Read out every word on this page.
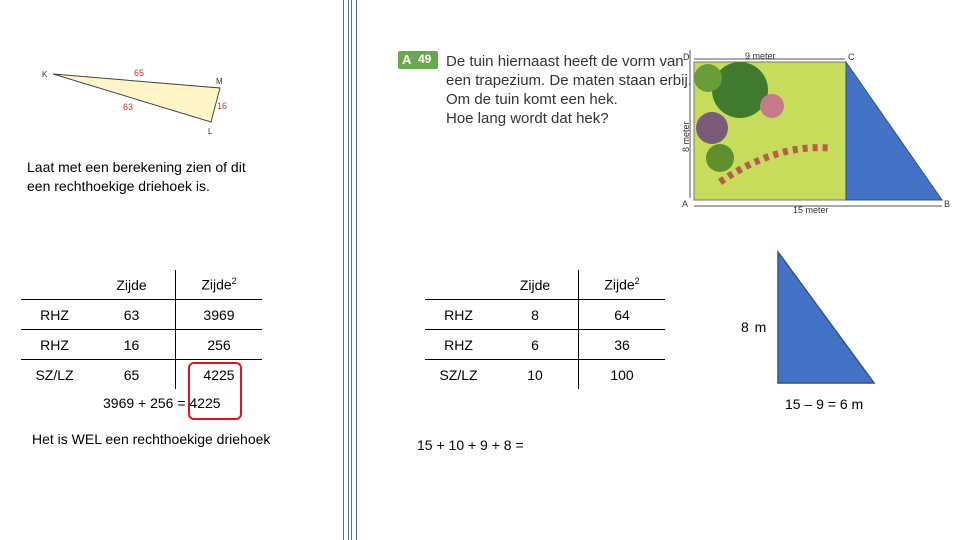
K
M
L
65
63	16
Laat met een berekening zien of dit
een rechthoekige driehoek is.
	Zijde	Zijde$^2$
RHZ	63	3969
RHZ	16	256
SZ/LZ	65	4225
3969 + 256 = 4225
Het is WEL een rechthoekige driehoek
A 49 De tuin hiernaast heeft de vorm van
een trapezium. De maten staan erbij.
Om de tuin komt een hek.
Hoe lang wordt dat hek?
9 meter
15 meter
8 meter
A	B
C
D
	Zijde	Zijde$^2$
RHZ	8	64
RHZ	6	36
SZ/LZ	10	100
15 + 10 + 9 + 8 =
8 m
15 – 9 = 6 m
